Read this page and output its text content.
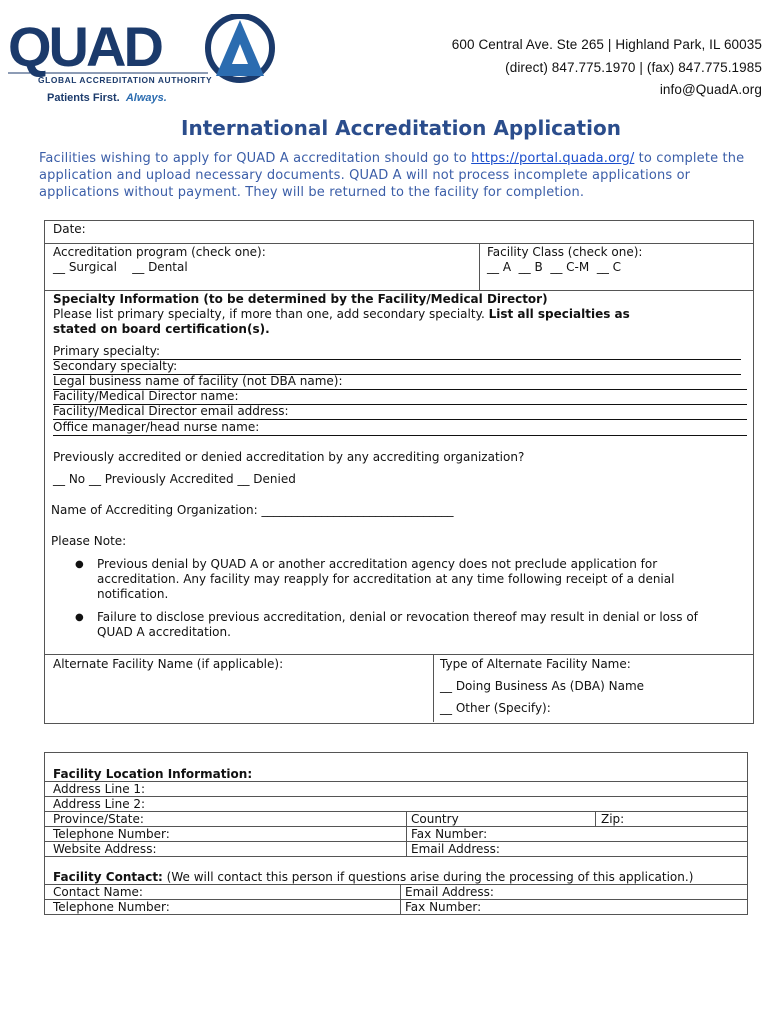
QUAD
GLOBAL ACCREDITATION AUTHORITY
Patients First. Always.
600 Central Ave. Ste 265 | Highland Park, IL 60035
(direct) 847.775.1970 | (fax) 847.775.1985
info@QuadA.org
International Accreditation Application
Facilities wishing to apply for QUAD A accreditation should go to https://portal.quada.org/ to complete the application and upload necessary documents. QUAD A will not process incomplete applications or applications without payment. They will be returned to the facility for completion.
Date:
Accreditation program (check one):
__ Surgical    __ Dental
Facility Class (check one):
__ A  __ B  __ C-M  __ C
Specialty Information (to be determined by the Facility/Medical Director)
Please list primary specialty, if more than one, add secondary specialty. List all specialties as
stated on board certification(s).
Primary specialty:
Secondary specialty:
Legal business name of facility (not DBA name):
Facility/Medical Director name:
Facility/Medical Director email address:
Office manager/head nurse name:
Previously accredited or denied accreditation by any accrediting organization?
__ No __ Previously Accredited __ Denied
Name of Accrediting Organization: ________________________________
Please Note:
● Previous denial by QUAD A or another accreditation agency does not preclude application for accreditation. Any facility may reapply for accreditation at any time following receipt of a denial notification.
● Failure to disclose previous accreditation, denial or revocation thereof may result in denial or loss of QUAD A accreditation.
Alternate Facility Name (if applicable):	Type of Alternate Facility Name:
__ Doing Business As (DBA) Name
__ Other (Specify):
Facility Location Information:
Address Line 1:
Address Line 2:
Province/State:	Country	Zip:
Telephone Number:	Fax Number:
Website Address:	Email Address:
Facility Contact: (We will contact this person if questions arise during the processing of this application.)
Contact Name:	Email Address:
Telephone Number:	Fax Number:
